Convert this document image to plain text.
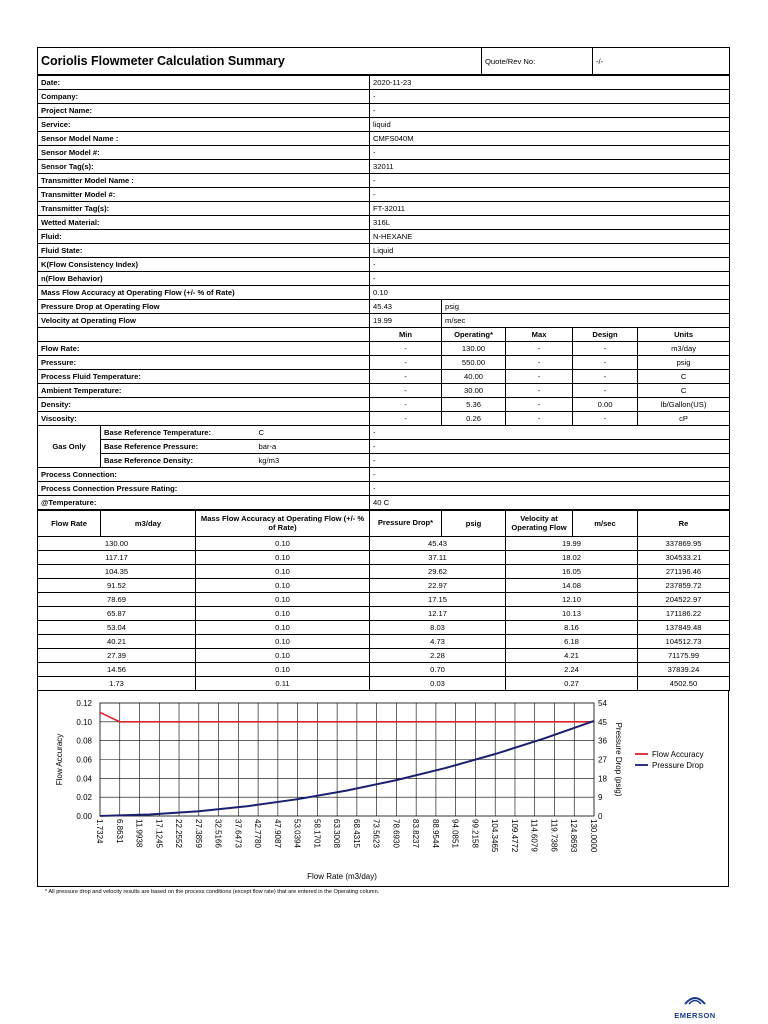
Coriolis Flowmeter Calculation Summary	Quote/Rev No:	-/-
Date:			2020-11-23				
Company:			-				
Project Name:			-				
Service:			liquid				
Sensor Model Name :			CMFS040M				
Sensor Model #:			-				
Sensor Tag(s):			32011				
Transmitter Model Name :			-				
Transmitter Model #:			-				
Transmitter Tag(s):			FT-32011				
Wetted Material:			316L				
Fluid:			N-HEXANE				
Fluid State:			Liquid				
K(Flow Consistency Index)			-				
n(Flow Behavior)			-				
Mass Flow Accuracy at Operating Flow (+/- % of Rate)			0.10				
Pressure Drop at Operating Flow			45.43	psig			
Velocity at Operating Flow			19.99	m/sec			
			Min	Operating*	Max	Design	Units
Flow Rate:			-	130.00	-	-	m3/day
Pressure:			-	550.00	-	-	psig
Process Fluid Temperature:			-	40.00	-	-	C
Ambient Temperature:			-	30.00	-	-	C
Density:			-	5.36	-	0.00	lb/Gallon(US)
Viscosity:			-	0.26	-	-	cP
Gas Only	Base Reference Temperature:	C	-				
	Base Reference Pressure:	bar-a	-				
	Base Reference Density:	kg/m3	-				
Process Connection:			-				
Process Connection Pressure Rating:			-				
@Temperature:			40 C				
Flow Rate	m3/day	Mass Flow Accuracy at Operating Flow (+/- % of Rate)	Pressure Drop*	psig	Velocity at Operating Flow	m/sec	Re
130.00		0.10	45.43		19.99		337869.95
117.17		0.10	37.11		18.02		304533.21
104.35		0.10	29.62		16.05		271196.46
91.52		0.10	22.97		14.08		237859.72
78.69		0.10	17.15		12.10		204522.97
65.87		0.10	12.17		10.13		171186.22
53.04		0.10	8.03		8.16		137849.48
40.21		0.10	4.73		6.18		104512.73
27.39		0.10	2.28		4.21		71175.99
14.56		0.10	0.70		2.24		37839.24
1.73		0.11	0.03		0.27		4502.50
0.12
0.10
0.08
0.06
0.04
0.02
0.00
54
45
36
27
18
9
0
1.7324 6.8631 11.9938 17.1245 22.2552 27.3859 32.5166 37.6473 42.7780 47.9087 53.0394 58.1701 63.3008 68.4315 73.5623 78.6930 83.8237 88.9544 94.0851 99.2158 104.3465 109.4772 114.6079 119.7386 124.8693 130.0000
Flow Accuracy	Pressure Drop (psig)
Flow Rate (m3/day)
Flow Accuracy
Pressure Drop
* All pressure drop and velocity results are based on the process conditions (except flow rate) that are entered in the Operating column.
EMERSON
